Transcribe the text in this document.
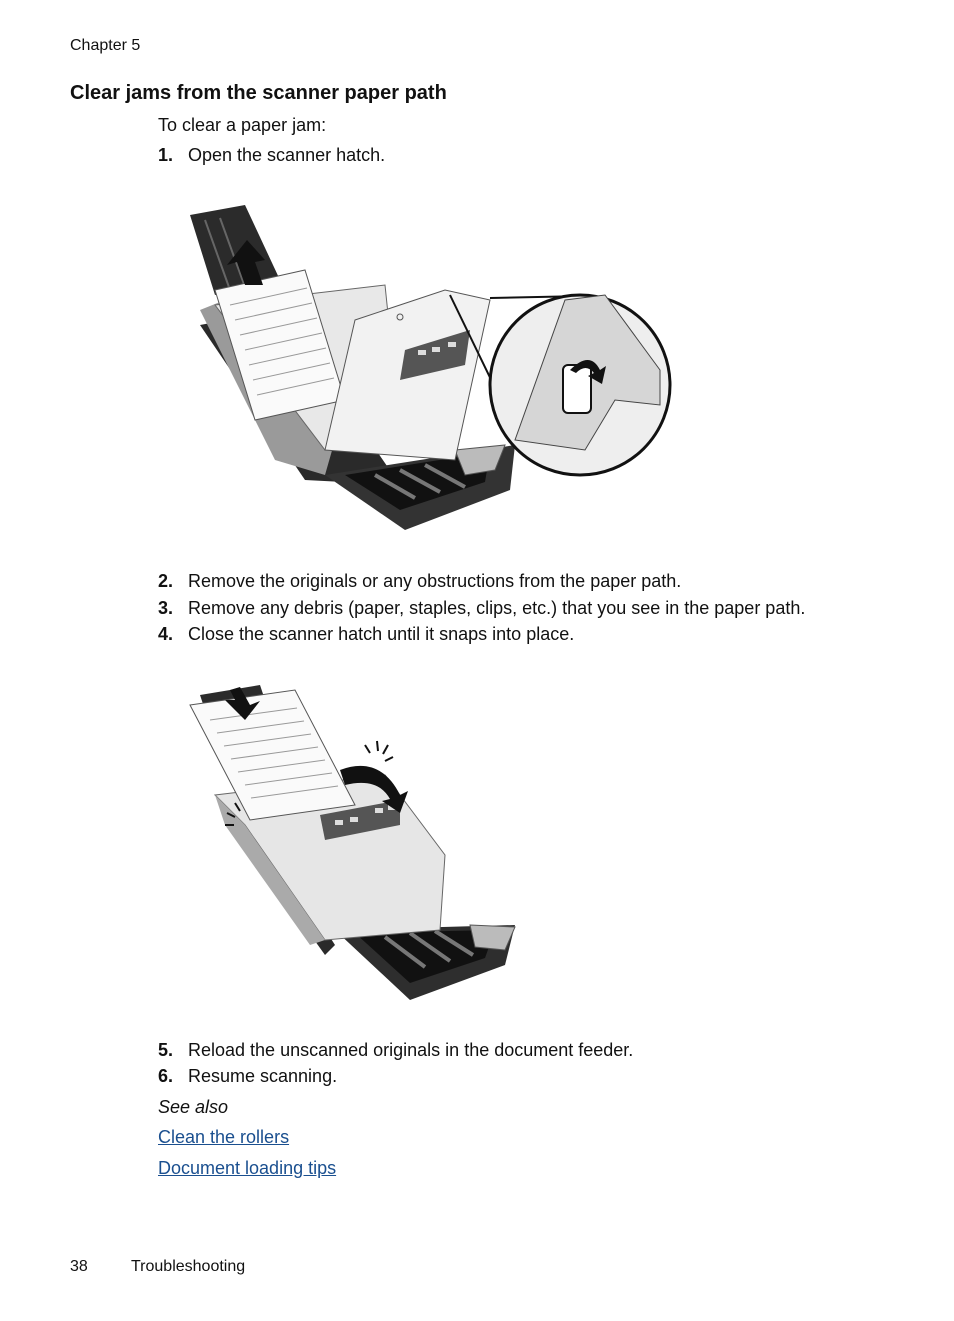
Chapter 5
Clear jams from the scanner paper path
To clear a paper jam:
1. Open the scanner hatch.
2. Remove the originals or any obstructions from the paper path.
3. Remove any debris (paper, staples, clips, etc.) that you see in the paper path.
4. Close the scanner hatch until it snaps into place.
5. Reload the unscanned originals in the document feeder.
6. Resume scanning.
See also
Clean the rollers
Document loading tips
38	Troubleshooting
